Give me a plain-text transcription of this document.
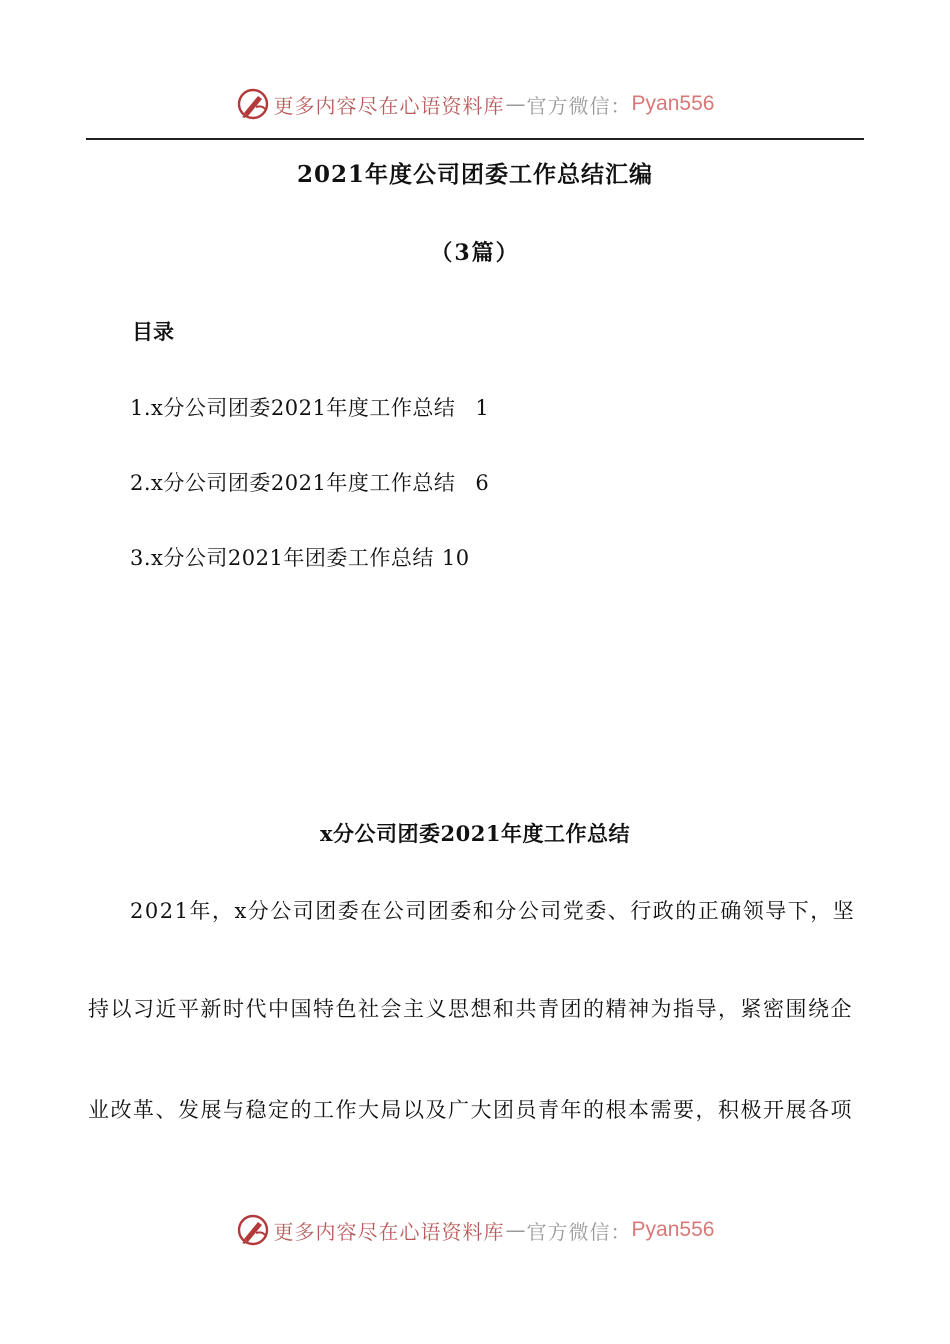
更多内容尽在心语资料库 — 官方微信： Pyan556
2021年度公司团委工作总结汇编
（3篇）
目录
1.x分公司团委2021年度工作总结 1
2.x分公司团委2021年度工作总结 6
3.x分公司2021年团委工作总结 10
x分公司团委2021年度工作总结
2021年，x分公司团委在公司团委和分公司党委、行政的正确领导下，坚
持以习近平新时代中国特色社会主义思想和共青团的精神为指导，紧密围绕企
业改革、发展与稳定的工作大局以及广大团员青年的根本需要，积极开展各项
更多内容尽在心语资料库 — 官方微信： Pyan556
